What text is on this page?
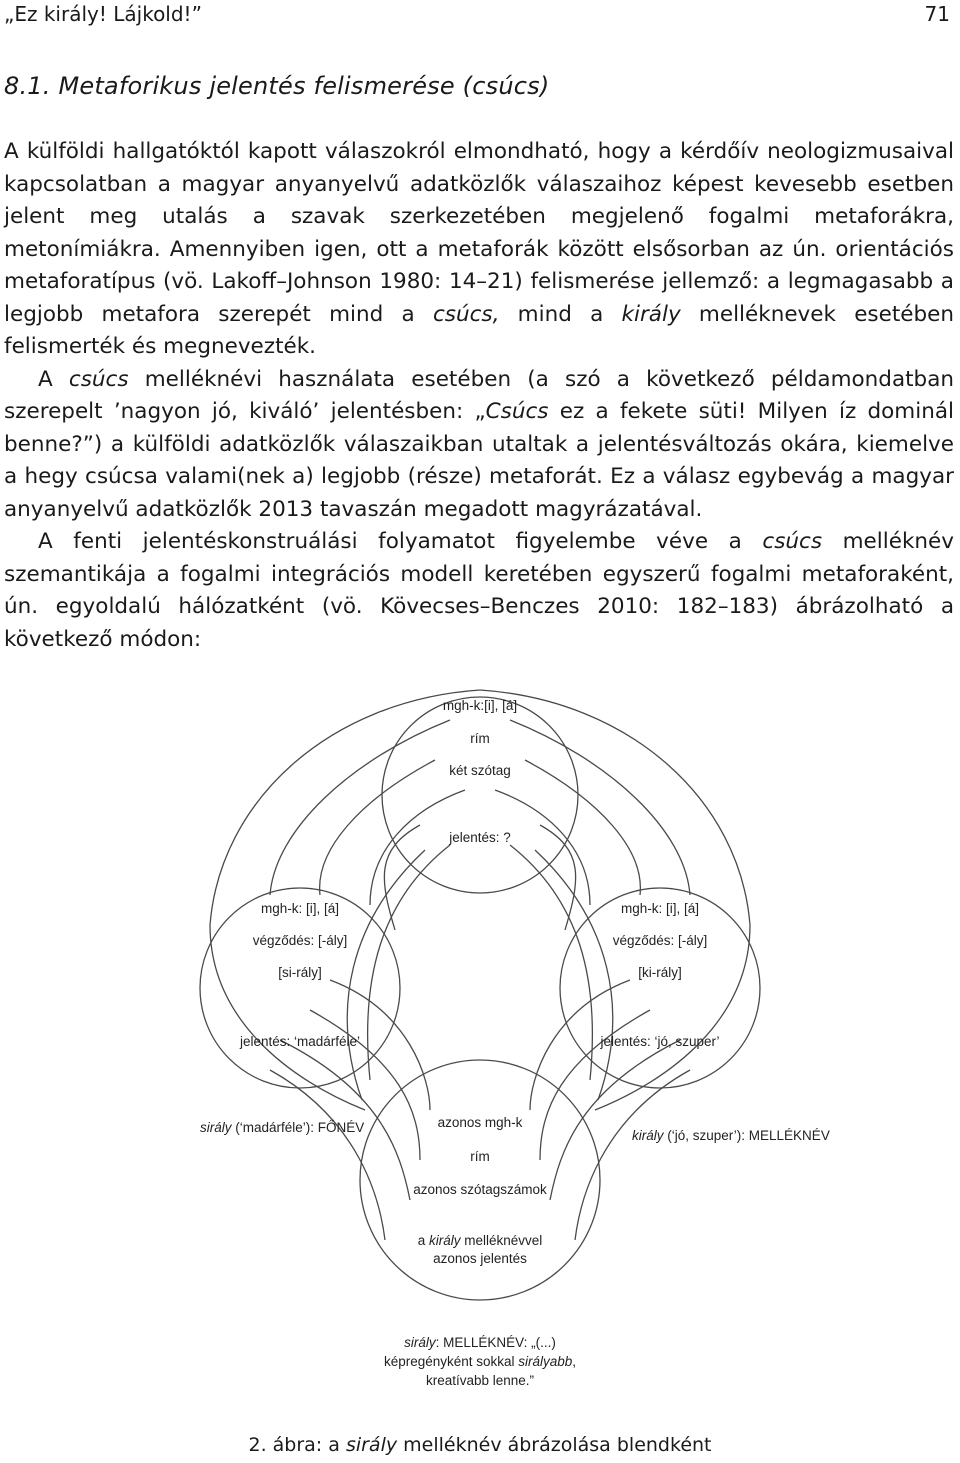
„Ez király! Lájkold!”	71
8.1. Metaforikus jelentés felismerése (csúcs)

A külföldi hallgatóktól kapott válaszokról elmondható, hogy a kérdőív neologizmusaival kapcsolatban a magyar anyanyelvű adatközlők válaszaihoz képest kevesebb esetben jelent meg utalás a szavak szerkezetében megjelenő fogalmi metaforákra, metonímiákra. Amennyiben igen, ott a metaforák között elsősorban az ún. orientációs metaforatípus (vö. Lakoff–Johnson 1980: 14–21) felismerése jellemző: a legmagasabb a legjobb metafora szerepét mind a csúcs, mind a király melléknevek esetében felismerték és megnevezték.

A csúcs melléknévi használata esetében (a szó a következő példamondatban szerepelt ’nagyon jó, kiváló’ jelentésben: „Csúcs ez a fekete süti! Milyen íz dominál benne?”) a külföldi adatközlők válaszaikban utaltak a jelentésváltozás okára, kiemelve a hegy csúcsa valami(nek a) legjobb (része) metaforát. Ez a válasz egybevág a magyar anyanyelvű adatközlők 2013 tavaszán megadott magyrázatával.

A fenti jelentéskonstruálási folyamatot figyelembe véve a csúcs melléknév szemantikája a fogalmi integrációs modell keretében egyszerű fogalmi metaforaként, ún. egyoldalú hálózatként (vö. Kövecses–Benczes 2010: 182–183) ábrázolható a következő módon:

mgh-k:[i], [á]
rím
két szótag
jelentés: ?
mgh-k: [i], [á]
végződés: [-ály]
[si-rály]
jelentés: ‘madárféle’
sirály (‘madárféle’): FŐNÉV
mgh-k: [i], [á]
végződés: [-ály]
[ki-rály]
jelentés: ‘jó, szuper’
király (‘jó, szuper’): MELLÉKNÉV
azonos mgh-k
rím
azonos szótagszámok
a király melléknévvel
azonos jelentés
sirály: MELLÉKNÉV: „(...)
képregényként sokkal sirályabb,
kreatívabb lenne.”
2. ábra: a sirály melléknév ábrázolása blendként
